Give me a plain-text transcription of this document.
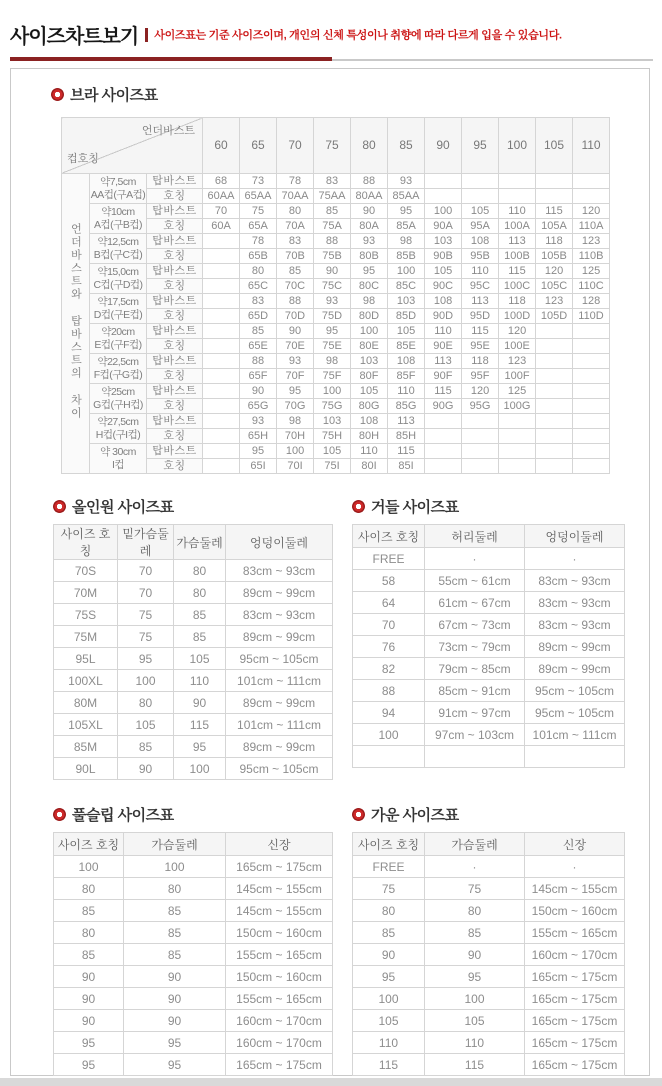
사이즈차트보기 사이즈표는 기준 사이즈이며, 개인의 신체 특성이나 취향에 따라 다르게 입을 수 있습니다.
브라 사이즈표
언더바스트
컵호칭			60	65	70	75	80	85	90	95	100	105	110
언더바스트와 탑바스트의 차이	약7,5cm
AA컵(구A컵)	탑바스트	68	73	78	83	88	93					
		호칭	60AA	65AA	70AA	75AA	80AA	85AA					

	약10cm
A컵(구B컵)	탑바스트	70	75	80	85	90	95	100	105	110	115	120
		호칭	60A	65A	70A	75A	80A	85A	90A	95A	100A	105A	110A

	약12,5cm
B컵(구C컵)	탑바스트		78	83	88	93	98	103	108	113	118	123
		호칭		65B	70B	75B	80B	85B	90B	95B	100B	105B	110B

	약15,0cm
C컵(구D컵)	탑바스트		80	85	90	95	100	105	110	115	120	125
		호칭		65C	70C	75C	80C	85C	90C	95C	100C	105C	110C

	약17,5cm
D컵(구E컵)	탑바스트		83	88	93	98	103	108	113	118	123	128
		호칭		65D	70D	75D	80D	85D	90D	95D	100D	105D	110D

	약20cm
E컵(구F컵)	탑바스트		85	90	95	100	105	110	115	120		
		호칭		65E	70E	75E	80E	85E	90E	95E	100E		

	약22,5cm
F컵(구G컵)	탑바스트		88	93	98	103	108	113	118	123		
		호칭		65F	70F	75F	80F	85F	90F	95F	100F		

	약25cm
G컵(구H컵)	탑바스트		90	95	100	105	110	115	120	125		
		호칭		65G	70G	75G	80G	85G	90G	95G	100G		

	약27,5cm
H컵(구I컵)	탑바스트		93	98	103	108	113					
		호칭		65H	70H	75H	80H	85H					

	약 30cm
I컵	탑바스트		95	100	105	110	115					
		호칭		65I	70I	75I	80I	85I					
올인원 사이즈표
사이즈 호칭	밑가슴둘레	가슴둘레	엉덩이둘레
70S	70	80	83cm ~ 93cm
70M	70	80	89cm ~ 99cm
75S	75	85	83cm ~ 93cm
75M	75	85	89cm ~ 99cm
95L	95	105	95cm ~ 105cm
100XL	100	110	101cm ~ 111cm
80M	80	90	89cm ~ 99cm
105XL	105	115	101cm ~ 111cm
85M	85	95	89cm ~ 99cm
90L	90	100	95cm ~ 105cm
거들 사이즈표
사이즈 호칭	허리둘레	엉덩이둘레
FREE	·	·
58	55cm ~ 61cm	83cm ~ 93cm
64	61cm ~ 67cm	83cm ~ 93cm
70	67cm ~ 73cm	83cm ~ 93cm
76	73cm ~ 79cm	89cm ~ 99cm
82	79cm ~ 85cm	89cm ~ 99cm
88	85cm ~ 91cm	95cm ~ 105cm
94	91cm ~ 97cm	95cm ~ 105cm
100	97cm ~ 103cm	101cm ~ 111cm

풀슬립 사이즈표
사이즈 호칭	가슴둘레	신장
100	100	165cm ~ 175cm
80	80	145cm ~ 155cm
85	85	145cm ~ 155cm
80	85	150cm ~ 160cm
85	85	155cm ~ 165cm
90	90	150cm ~ 160cm
90	90	155cm ~ 165cm
90	90	160cm ~ 170cm
95	95	160cm ~ 170cm
95	95	165cm ~ 175cm
가운 사이즈표
사이즈 호칭	가슴둘레	신장
FREE	·	·
75	75	145cm ~ 155cm
80	80	150cm ~ 160cm
85	85	155cm ~ 165cm
90	90	160cm ~ 170cm
95	95	165cm ~ 175cm
100	100	165cm ~ 175cm
105	105	165cm ~ 175cm
110	110	165cm ~ 175cm
115	115	165cm ~ 175cm
